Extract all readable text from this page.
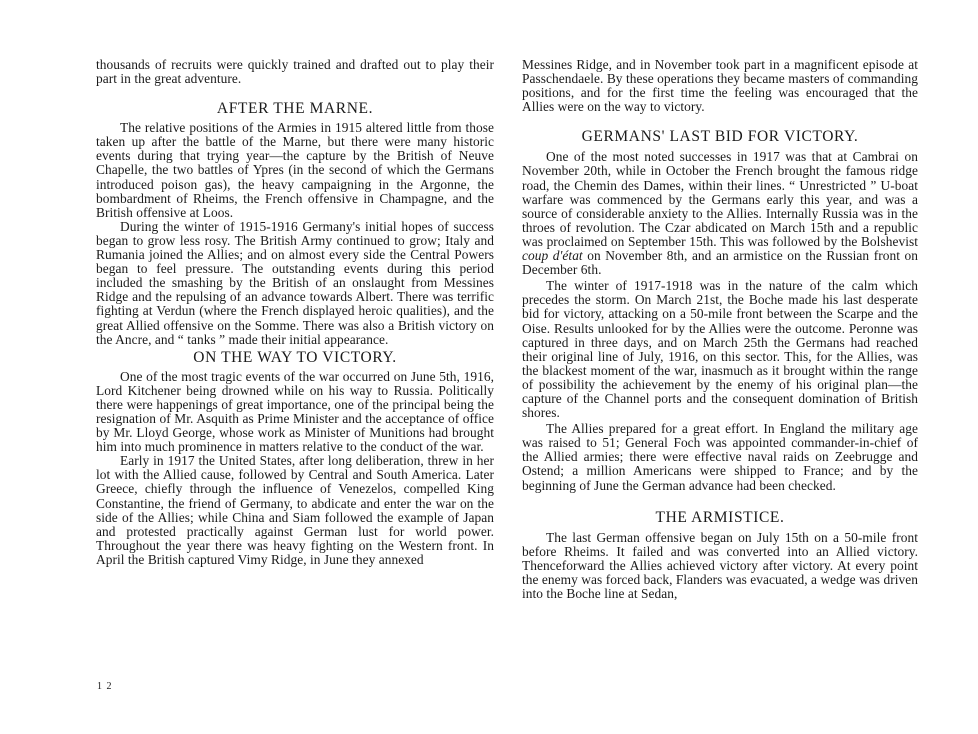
thousands of recruits were quickly trained and drafted out to play their part in the great adventure.

AFTER THE MARNE.

The relative positions of the Armies in 1915 altered little from those taken up after the battle of the Marne, but there were many historic events during that trying year—the capture by the British of Neuve Chapelle, the two battles of Ypres (in the second of which the Germans introduced poison gas), the heavy campaigning in the Argonne, the bombardment of Rheims, the French offensive in Champagne, and the British offensive at Loos.

During the winter of 1915-1916 Germany's initial hopes of success began to grow less rosy. The British Army continued to grow; Italy and Rumania joined the Allies; and on almost every side the Central Powers began to feel pressure. The outstanding events during this period included the smashing by the British of an onslaught from Messines Ridge and the repulsing of an advance towards Albert. There was terrific fighting at Verdun (where the French displayed heroic qualities), and the great Allied offensive on the Somme. There was also a British victory on the Ancre, and “ tanks ” made their initial appearance.

ON THE WAY TO VICTORY.

One of the most tragic events of the war occurred on June 5th, 1916, Lord Kitchener being drowned while on his way to Russia. Politically there were happenings of great importance, one of the principal being the resignation of Mr. Asquith as Prime Minister and the acceptance of office by Mr. Lloyd George, whose work as Minister of Munitions had brought him into much prominence in matters relative to the conduct of the war.

Early in 1917 the United States, after long deliberation, threw in her lot with the Allied cause, followed by Central and South America. Later Greece, chiefly through the influence of Venezelos, compelled King Constantine, the friend of Germany, to abdicate and enter the war on the side of the Allies; while China and Siam followed the example of Japan and protested practically against German lust for world power. Throughout the year there was heavy fighting on the Western front. In April the British captured Vimy Ridge, in June they annexed

Messines Ridge, and in November took part in a magnificent episode at Passchendaele. By these operations they became masters of commanding positions, and for the first time the feeling was encouraged that the Allies were on the way to victory.

GERMANS' LAST BID FOR VICTORY.

One of the most noted successes in 1917 was that at Cambrai on November 20th, while in October the French brought the famous ridge road, the Chemin des Dames, within their lines. “ Unrestricted ” U-boat warfare was commenced by the Germans early this year, and was a source of considerable anxiety to the Allies. Internally Russia was in the throes of revolution. The Czar abdicated on March 15th and a republic was proclaimed on September 15th. This was followed by the Bolshevist coup d'état on November 8th, and an armistice on the Russian front on December 6th.

The winter of 1917-1918 was in the nature of the calm which precedes the storm. On March 21st, the Boche made his last desperate bid for victory, attacking on a 50-mile front between the Scarpe and the Oise. Results unlooked for by the Allies were the outcome. Peronne was captured in three days, and on March 25th the Germans had reached their original line of July, 1916, on this sector. This, for the Allies, was the blackest moment of the war, inasmuch as it brought within the range of possibility the achievement by the enemy of his original plan—the capture of the Channel ports and the consequent domination of British shores.

The Allies prepared for a great effort. In England the military age was raised to 51; General Foch was appointed commander-in-chief of the Allied armies; there were effective naval raids on Zeebrugge and Ostend; a million Americans were shipped to France; and by the beginning of June the German advance had been checked.

THE ARMISTICE.

The last German offensive began on July 15th on a 50-mile front before Rheims. It failed and was converted into an Allied victory. Thenceforward the Allies achieved victory after victory. At every point the enemy was forced back, Flanders was evacuated, a wedge was driven into the Boche line at Sedan,

1 2
